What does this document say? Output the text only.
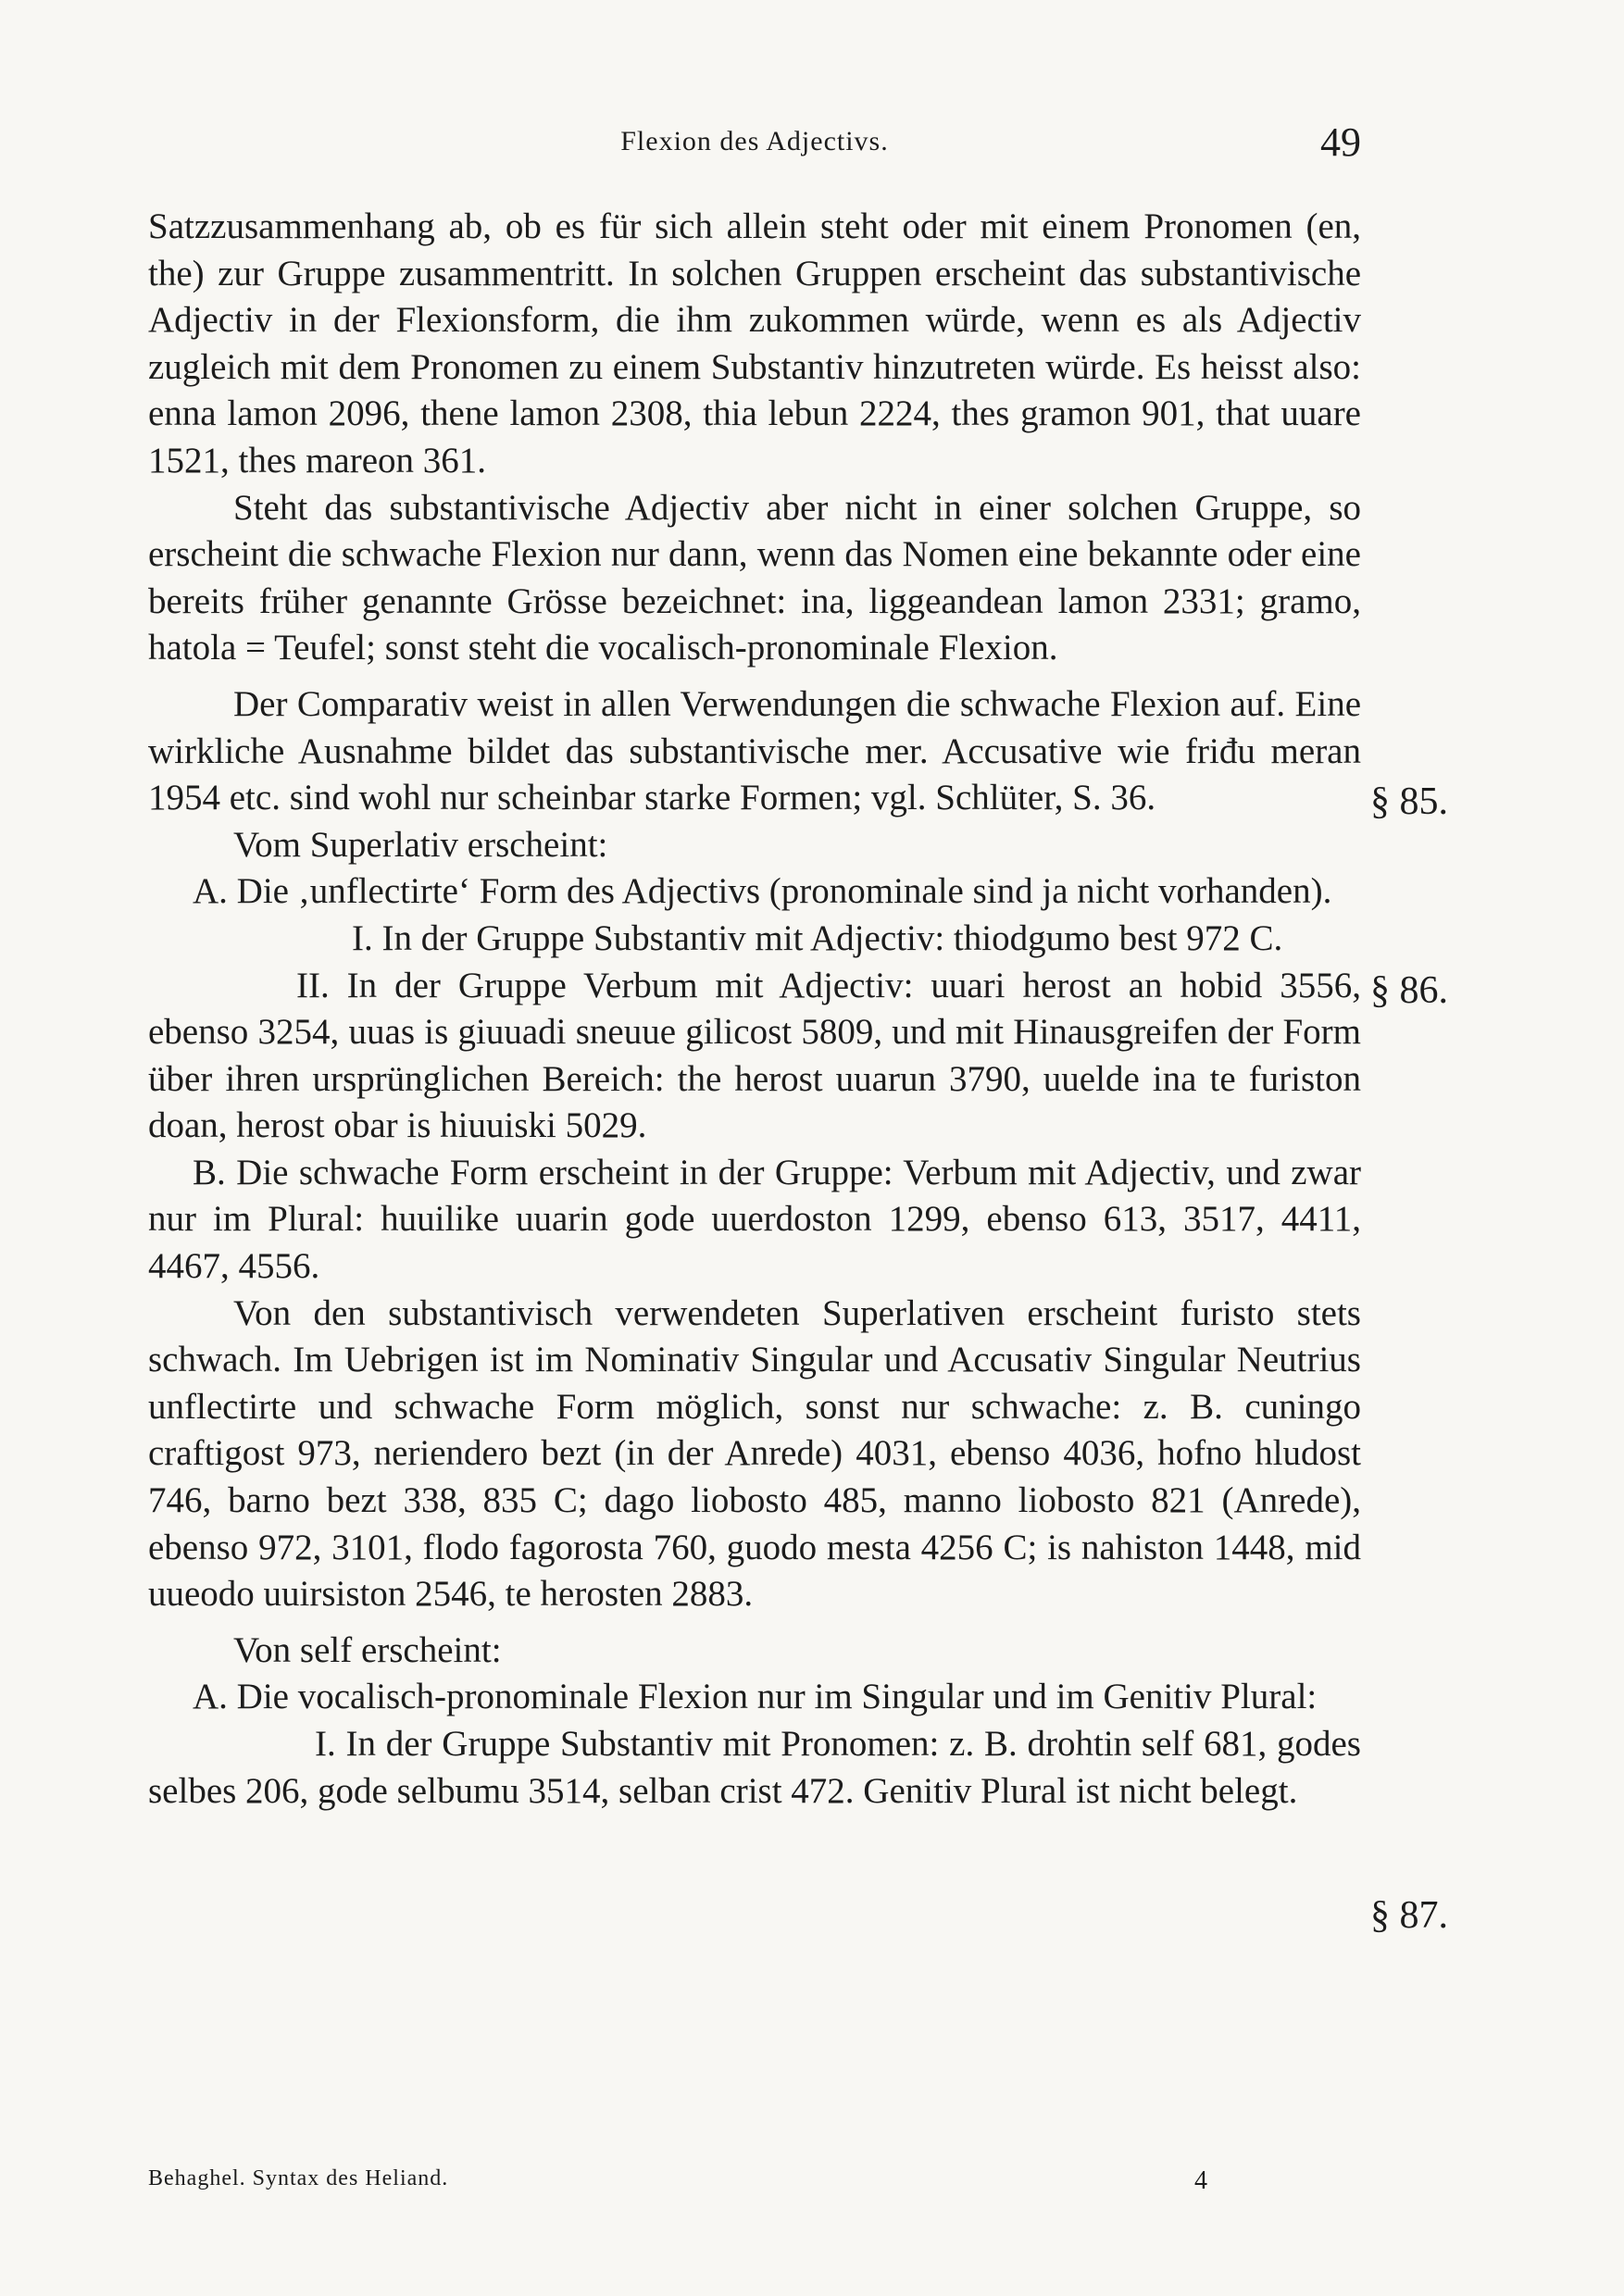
Flexion des Adjectivs.	49

Satzzusammenhang ab, ob es für sich allein steht oder mit einem Pronomen (en, the) zur Gruppe zusammentritt. In solchen Gruppen erscheint das substantivische Adjectiv in der Flexionsform, die ihm zukommen würde, wenn es als Adjectiv zugleich mit dem Pronomen zu einem Substantiv hinzutreten würde. Es heisst also: enna lamon 2096, thene lamon 2308, thia lebun 2224, thes gramon 901, that uuare 1521, thes mareon 361.

Steht das substantivische Adjectiv aber nicht in einer solchen Gruppe, so erscheint die schwache Flexion nur dann, wenn das Nomen eine bekannte oder eine bereits früher genannte Grösse bezeichnet: ina, liggeandean lamon 2331; gramo, hatola = Teufel; sonst steht die vocalisch-pronominale Flexion.

Der Comparativ weist in allen Verwendungen die schwache Flexion auf. Eine wirkliche Ausnahme bildet das substantivische mer. Accusative wie friđu meran 1954 etc. sind wohl nur scheinbar starke Formen; vgl. Schlüter, S. 36.

Vom Superlativ erscheint:

A. Die ‚unflectirte‘ Form des Adjectivs (pronominale sind ja nicht vorhanden).

I. In der Gruppe Substantiv mit Adjectiv: thiodgumo best 972 C.

II. In der Gruppe Verbum mit Adjectiv: uuari herost an hobid 3556, ebenso 3254, uuas is giuuadi sneuue gilicost 5809, und mit Hinausgreifen der Form über ihren ursprünglichen Bereich: the herost uuarun 3790, uuelde ina te furiston doan, herost obar is hiuuiski 5029.

B. Die schwache Form erscheint in der Gruppe: Verbum mit Adjectiv, und zwar nur im Plural: huuilike uuarin gode uuerdoston 1299, ebenso 613, 3517, 4411, 4467, 4556.

Von den substantivisch verwendeten Superlativen erscheint furisto stets schwach. Im Uebrigen ist im Nominativ Singular und Accusativ Singular Neutrius unflectirte und schwache Form möglich, sonst nur schwache: z. B. cuningo craftigost 973, neriendero bezt (in der Anrede) 4031, ebenso 4036, hofno hludost 746, barno bezt 338, 835 C; dago liobosto 485, manno liobosto 821 (Anrede), ebenso 972, 3101, flodo fagorosta 760, guodo mesta 4256 C; is nahiston 1448, mid uueodo uuirsiston 2546, te herosten 2883.

Von self erscheint:

A. Die vocalisch-pronominale Flexion nur im Singular und im Genitiv Plural:

I. In der Gruppe Substantiv mit Pronomen: z. B. drohtin self 681, godes selbes 206, gode selbumu 3514, selban crist 472. Genitiv Plural ist nicht belegt.

§ 85.
§ 86.
§ 87.
Behaghel. Syntax des Heliand.	4
